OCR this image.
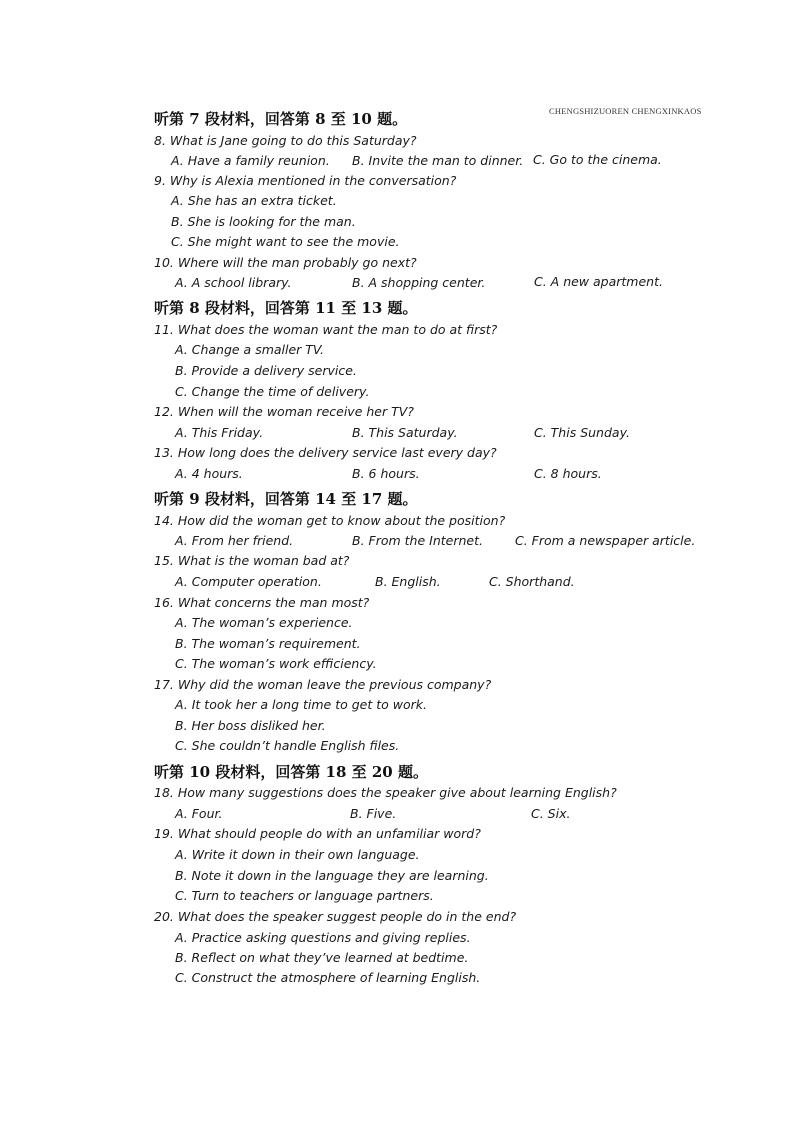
CHENGSHIZUOREN CHENGXINKAOS
听第 7 段材料，回答第 8 至 10 题。
8. What is Jane going to do this Saturday?
A. Have a family reunion. B. Invite the man to dinner. C. Go to the cinema.
9. Why is Alexia mentioned in the conversation?
A. She has an extra ticket.
B. She is looking for the man.
C. She might want to see the movie.
10. Where will the man probably go next?
A. A school library.	B. A shopping center.	C. A new apartment.
听第 8 段材料，回答第 11 至 13 题。
11. What does the woman want the man to do at first?
A. Change a smaller TV.
B. Provide a delivery service.
C. Change the time of delivery.
12. When will the woman receive her TV?
A. This Friday.	B. This Saturday.	C. This Sunday.
13. How long does the delivery service last every day?
A. 4 hours.	B. 6 hours.	C. 8 hours.
听第 9 段材料，回答第 14 至 17 题。
14. How did the woman get to know about the position?
A. From her friend.	B. From the Internet.	C. From a newspaper article.
15. What is the woman bad at?
A. Computer operation.	B. English.	C. Shorthand.
16. What concerns the man most?
A. The woman’s experience.
B. The woman’s requirement.
C. The woman’s work efficiency.
17. Why did the woman leave the previous company?
A. It took her a long time to get to work.
B. Her boss disliked her.
C. She couldn’t handle English files.
听第 10 段材料，回答第 18 至 20 题。
18. How many suggestions does the speaker give about learning English?
A. Four.	B. Five.	C. Six.
19. What should people do with an unfamiliar word?
A. Write it down in their own language.
B. Note it down in the language they are learning.
C. Turn to teachers or language partners.
20. What does the speaker suggest people do in the end?
A. Practice asking questions and giving replies.
B. Reflect on what they’ve learned at bedtime.
C. Construct the atmosphere of learning English.
